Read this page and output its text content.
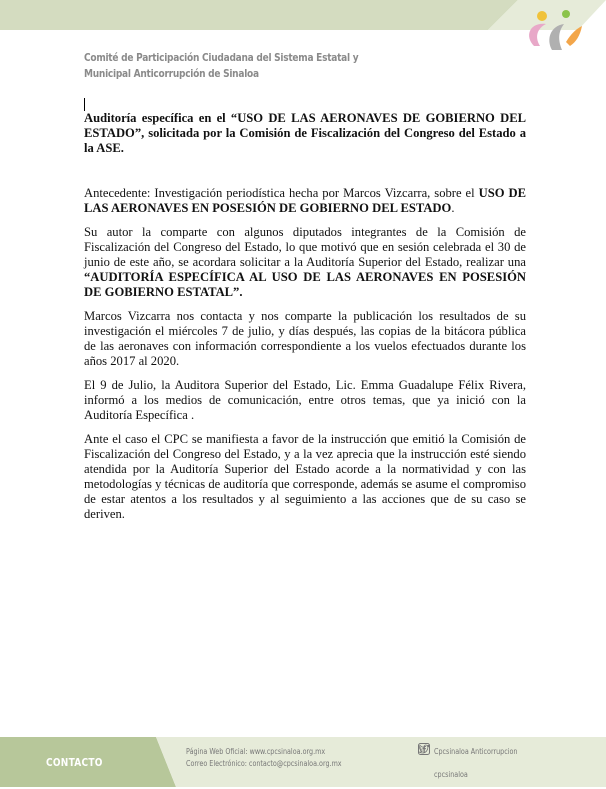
Comité de Participación Ciudadana del Sistema Estatal y
Municipal Anticorrupción de Sinaloa

Auditoría específica en el “USO DE LAS AERONAVES DE GOBIERNO DEL ESTADO”, solicitada por la Comisión de Fiscalización del Congreso del Estado a la ASE.

Antecedente: Investigación periodística hecha por Marcos Vizcarra, sobre el USO DE LAS AERONAVES EN POSESIÓN DE GOBIERNO DEL ESTADO.

Su autor la comparte con algunos diputados integrantes de la Comisión de Fiscalización del Congreso del Estado, lo que motivó que en sesión celebrada el 30 de junio de este año, se acordara solicitar a la Auditoría Superior del Estado, realizar una “AUDITORÍA ESPECÍFICA AL USO DE LAS AERONAVES EN POSESIÓN DE GOBIERNO ESTATAL”.

Marcos Vizcarra nos contacta y nos comparte la publicación los resultados de su investigación el miércoles 7 de julio, y días después, las copias de la bitácora pública de las aeronaves con información correspondiente a los vuelos efectuados durante los años 2017 al 2020.

El 9 de Julio, la Auditora Superior del Estado, Lic. Emma Guadalupe Félix Rivera, informó a los medios de comunicación, entre otros temas, que ya inició con la Auditoría Específica .

Ante el caso el CPC se manifiesta a favor de la instrucción que emitió la Comisión de Fiscalización del Congreso del Estado, y a la vez aprecia que la instrucción esté siendo atendida por la Auditoría Superior del Estado acorde a la normatividad y con las metodologías y técnicas de auditoría que corresponde, además se asume el compromiso de estar atentos a los resultados y al seguimiento a las acciones que de su caso se deriven.

CONTACTO
Página Web Oficial: www.cpcsinaloa.org.mx
Correo Electrónico: contacto@cpcsinaloa.org.mx
Cpcsinaloa Anticorrupcion
cpcsinaloa
